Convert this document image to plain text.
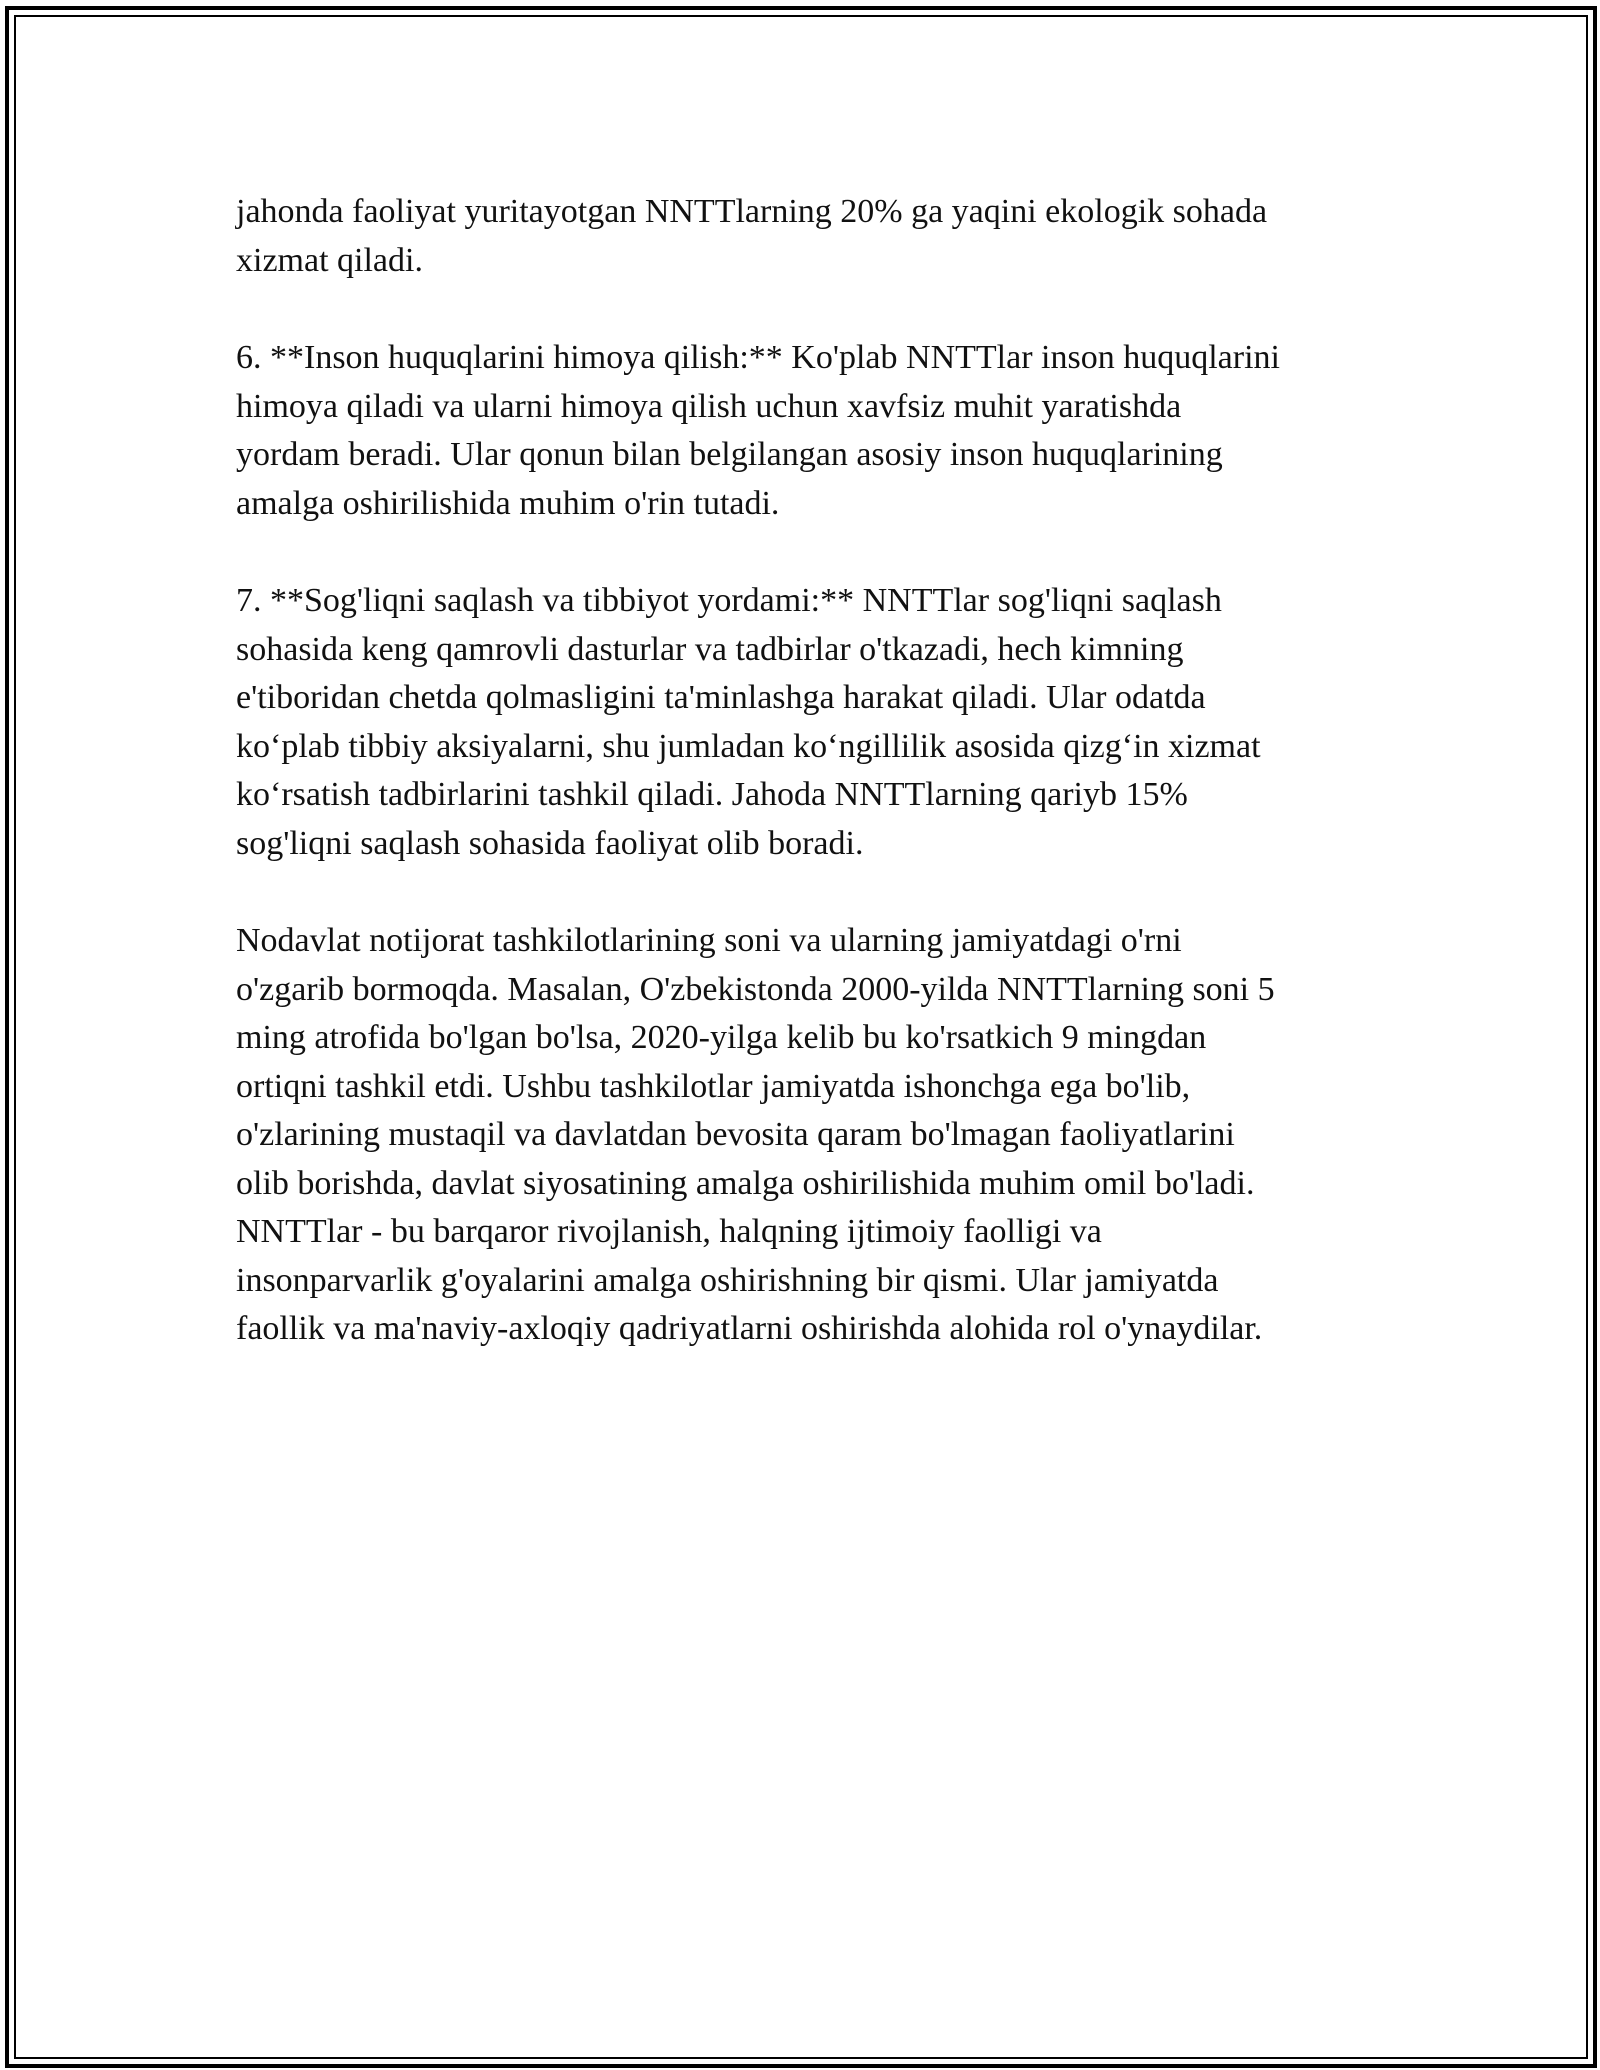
jahonda faoliyat yuritayotgan NNTTlarning 20% ga yaqini ekologik sohada
xizmat qiladi.

6. **Inson huquqlarini himoya qilish:** Ko'plab NNTTlar inson huquqlarini
himoya qiladi va ularni himoya qilish uchun xavfsiz muhit yaratishda
yordam beradi. Ular qonun bilan belgilangan asosiy inson huquqlarining
amalga oshirilishida muhim o'rin tutadi.

7. **Sog'liqni saqlash va tibbiyot yordami:** NNTTlar sog'liqni saqlash
sohasida keng qamrovli dasturlar va tadbirlar o'tkazadi, hech kimning
e'tiboridan chetda qolmasligini ta'minlashga harakat qiladi. Ular odatda
ko‘plab tibbiy aksiyalarni, shu jumladan ko‘ngillilik asosida qizg‘in xizmat
ko‘rsatish tadbirlarini tashkil qiladi. Jahoda NNTTlarning qariyb 15%
sog'liqni saqlash sohasida faoliyat olib boradi.

Nodavlat notijorat tashkilotlarining soni va ularning jamiyatdagi o'rni
o'zgarib bormoqda. Masalan, O'zbekistonda 2000-yilda NNTTlarning soni 5
ming atrofida bo'lgan bo'lsa, 2020-yilga kelib bu ko'rsatkich 9 mingdan
ortiqni tashkil etdi. Ushbu tashkilotlar jamiyatda ishonchga ega bo'lib,
o'zlarining mustaqil va davlatdan bevosita qaram bo'lmagan faoliyatlarini
olib borishda, davlat siyosatining amalga oshirilishida muhim omil bo'ladi.
NNTTlar - bu barqaror rivojlanish, halqning ijtimoiy faolligi va
insonparvarlik g'oyalarini amalga oshirishning bir qismi. Ular jamiyatda
faollik va ma'naviy-axloqiy qadriyatlarni oshirishda alohida rol o'ynaydilar.
